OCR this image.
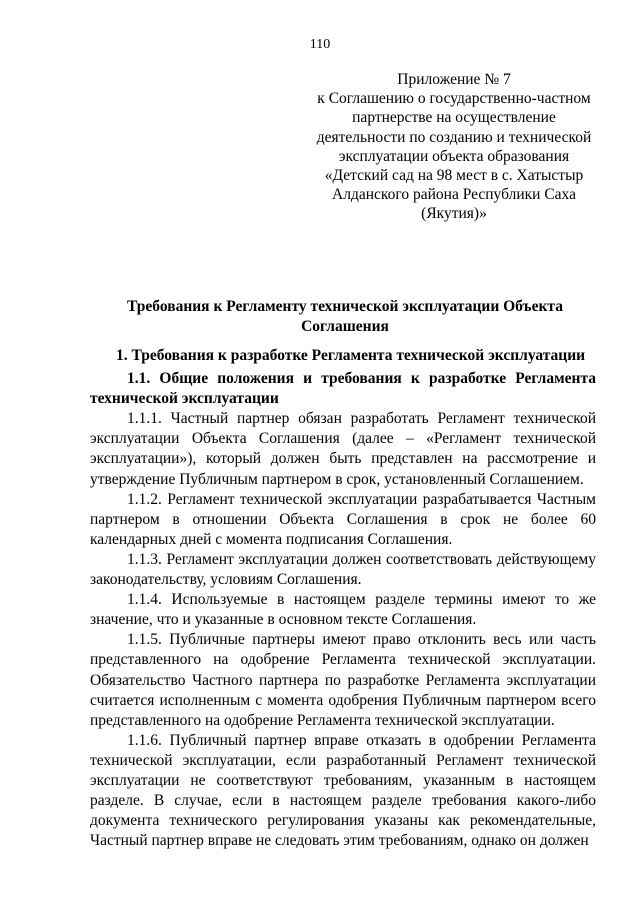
110
Приложение № 7
к Соглашению о государственно-частном
партнерстве на осуществление
деятельности по созданию и технической
эксплуатации объекта образования
«Детский сад на 98 мест в с. Хатыстыр
Алданского района Республики Саха
(Якутия)»
Требования к Регламенту технической эксплуатации Объекта
Соглашения
1. Требования к разработке Регламента технической эксплуатации
1.1. Общие положения и требования к разработке Регламента технической эксплуатации
1.1.1. Частный партнер обязан разработать Регламент технической эксплуатации Объекта Соглашения (далее – «Регламент технической эксплуатации»), который должен быть представлен на рассмотрение и утверждение Публичным партнером в срок, установленный Соглашением.
1.1.2. Регламент технической эксплуатации разрабатывается Частным партнером в отношении Объекта Соглашения в срок не более 60 календарных дней с момента подписания Соглашения.
1.1.3. Регламент эксплуатации должен соответствовать действующему законодательству, условиям Соглашения.
1.1.4. Используемые в настоящем разделе термины имеют то же значение, что и указанные в основном тексте Соглашения.
1.1.5. Публичные партнеры имеют право отклонить весь или часть представленного на одобрение Регламента технической эксплуатации. Обязательство Частного партнера по разработке Регламента эксплуатации считается исполненным с момента одобрения Публичным партнером всего представленного на одобрение Регламента технической эксплуатации.
1.1.6. Публичный партнер вправе отказать в одобрении Регламента технической эксплуатации, если разработанный Регламент технической эксплуатации не соответствуют требованиям, указанным в настоящем разделе. В случае, если в настоящем разделе требования какого-либо документа технического регулирования указаны как рекомендательные, Частный партнер вправе не следовать этим требованиям, однако он должен
